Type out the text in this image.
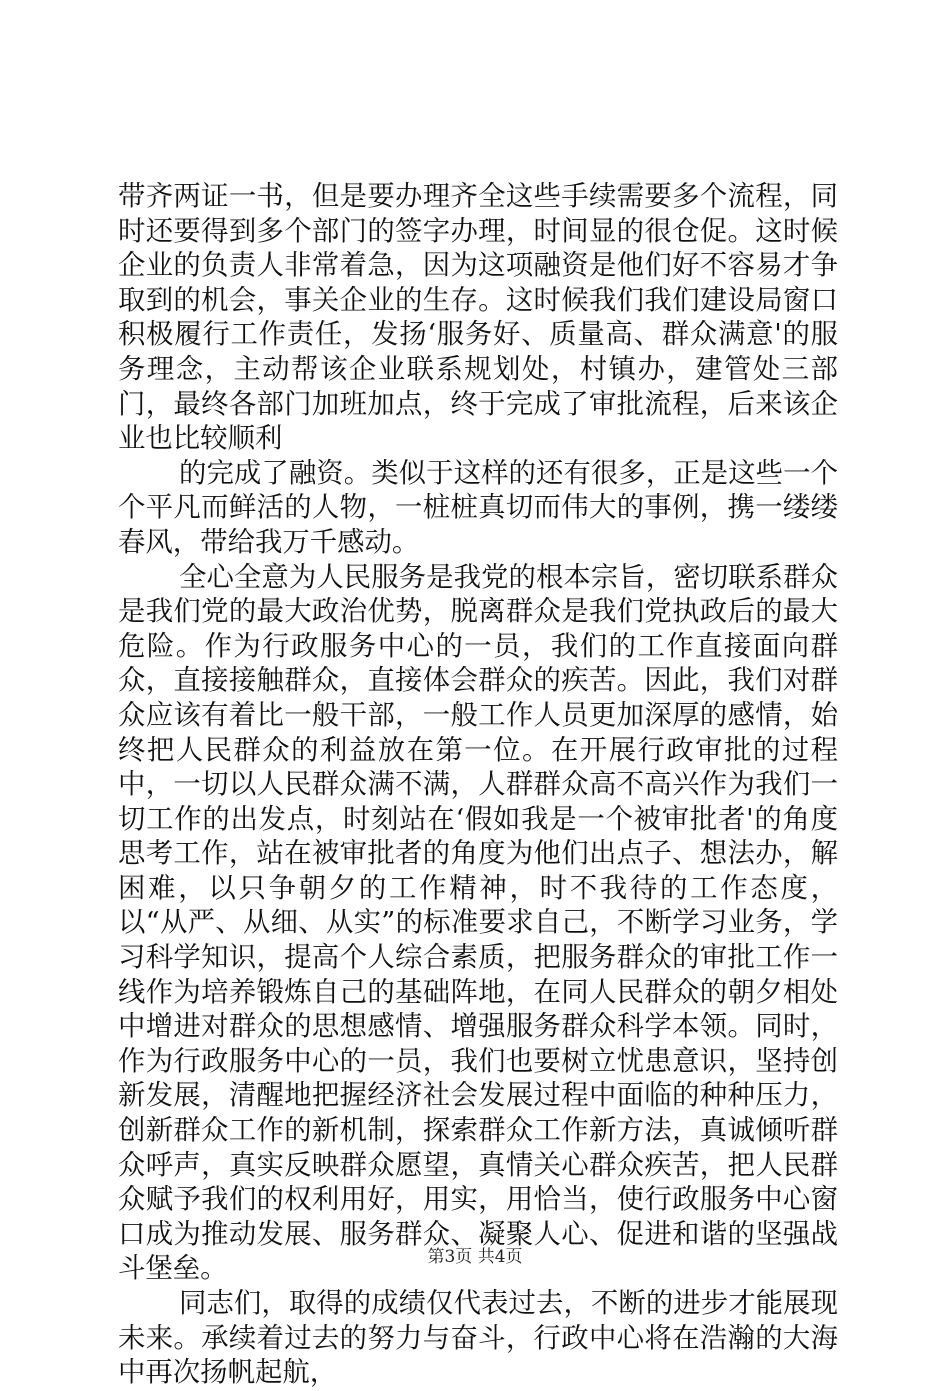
带齐两证一书，但是要办理齐全这些手续需要多个流程，同时还要得到多个部门的签字办理，时间显的很仓促。这时候企业的负责人非常着急，因为这项融资是他们好不容易才争取到的机会，事关企业的生存。这时候我们我们建设局窗口积极履行工作责任，发扬‘服务好、质量高、群众满意'的服务理念，主动帮该企业联系规划处，村镇办，建管处三部门，最终各部门加班加点，终于完成了审批流程，后来该企业也比较顺利

的完成了融资。类似于这样的还有很多，正是这些一个个平凡而鲜活的人物，一桩桩真切而伟大的事例，携一缕缕春风，带给我万千感动。

全心全意为人民服务是我党的根本宗旨，密切联系群众是我们党的最大政治优势，脱离群众是我们党执政后的最大危险。作为行政服务中心的一员，我们的工作直接面向群众，直接接触群众，直接体会群众的疾苦。因此，我们对群众应该有着比一般干部，一般工作人员更加深厚的感情，始终把人民群众的利益放在第一位。在开展行政审批的过程中，一切以人民群众满不满，人群群众高不高兴作为我们一切工作的出发点，时刻站在‘假如我是一个被审批者'的角度思考工作，站在被审批者的角度为他们出点子、想法办，解困难，以只争朝夕的工作精神，时不我待的工作态度，以“从严、从细、从实”的标准要求自己，不断学习业务，学习科学知识，提高个人综合素质，把服务群众的审批工作一线作为培养锻炼自己的基础阵地，在同人民群众的朝夕相处中增进对群众的思想感情、增强服务群众科学本领。同时，作为行政服务中心的一员，我们也要树立忧患意识，坚持创新发展，清醒地把握经济社会发展过程中面临的种种压力，创新群众工作的新机制，探索群众工作新方法，真诚倾听群众呼声，真实反映群众愿望，真情关心群众疾苦，把人民群众赋予我们的权利用好，用实，用恰当，使行政服务中心窗口成为推动发展、服务群众、凝聚人心、促进和谐的坚强战斗堡垒。

同志们，取得的成绩仅代表过去，不断的进步才能展现未来。承续着过去的努力与奋斗，行政中心将在浩瀚的大海中再次扬帆起航，

第3页 共4页
